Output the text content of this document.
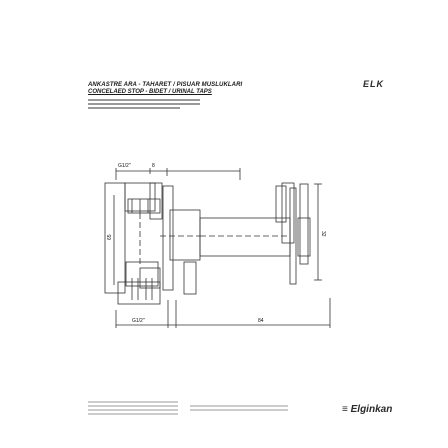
ANKASTRE ARA - TAHARET / PISUAR MUSLUKLARI
CONCELAED STOP - BIDET / URINAL TAPS
ELK
G1/2"	8
65
32
G1/2"	84
≡ Elginkan
